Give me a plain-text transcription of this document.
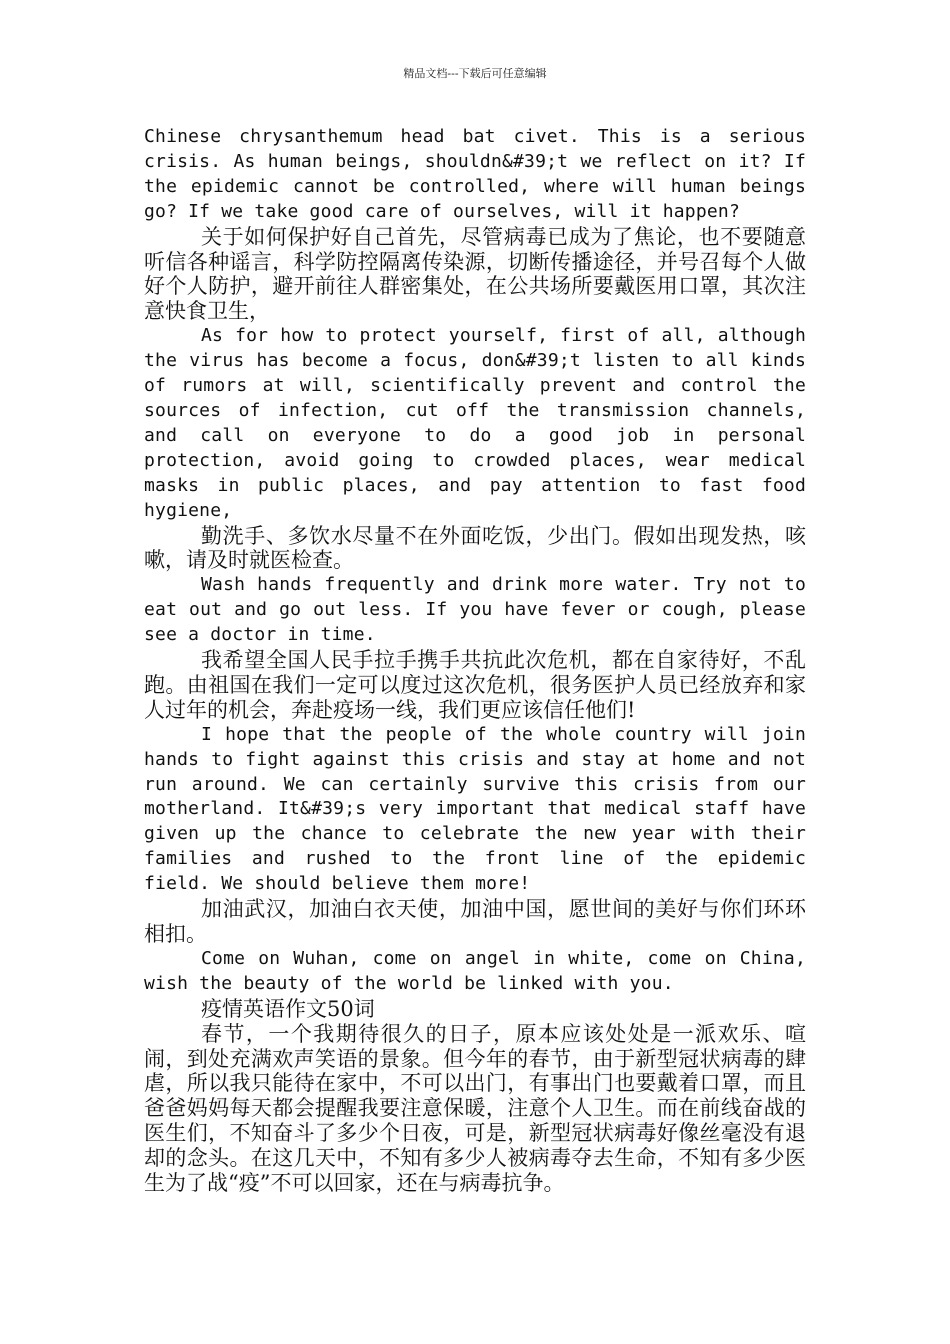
精品文档---下载后可任意编辑

Chinese chrysanthemum head bat civet. This is a serious crisis. As human beings, shouldn&#39;t we reflect on it? If the epidemic cannot be controlled, where will human beings go? If we take good care of ourselves, will it happen?

关于如何保护好自己首先，尽管病毒已成为了焦论，也不要随意听信各种谣言，科学防控隔离传染源，切断传播途径，并号召每个人做好个人防护，避开前往人群密集处，在公共场所要戴医用口罩，其次注意快食卫生，

As for how to protect yourself, first of all, although the virus has become a focus, don&#39;t listen to all kinds of rumors at will, scientifically prevent and control the sources of infection, cut off the transmission channels, and call on everyone to do a good job in personal protection, avoid going to crowded places, wear medical masks in public places, and pay attention to fast food hygiene,

勤洗手、多饮水尽量不在外面吃饭，少出门。假如出现发热，咳嗽，请及时就医检查。

Wash hands frequently and drink more water. Try not to eat out and go out less. If you have fever or cough, please see a doctor in time.

我希望全国人民手拉手携手共抗此次危机，都在自家待好，不乱跑。由祖国在我们一定可以度过这次危机，很务医护人员已经放弃和家人过年的机会，奔赴疫场一线，我们更应该信任他们!

I hope that the people of the whole country will join hands to fight against this crisis and stay at home and not run around. We can certainly survive this crisis from our motherland. It&#39;s very important that medical staff have given up the chance to celebrate the new year with their families and rushed to the front line of the epidemic field. We should believe them more!

加油武汉，加油白衣天使，加油中国，愿世间的美好与你们环环相扣。

Come on Wuhan, come on angel in white, come on China, wish the beauty of the world be linked with you.

疫情英语作文50词

春节，一个我期待很久的日子，原本应该处处是一派欢乐、喧闹，到处充满欢声笑语的景象。但今年的春节，由于新型冠状病毒的肆虐，所以我只能待在家中，不可以出门，有事出门也要戴着口罩，而且爸爸妈妈每天都会提醒我要注意保暖，注意个人卫生。而在前线奋战的医生们，不知奋斗了多少个日夜，可是，新型冠状病毒好像丝毫没有退却的念头。在这几天中，不知有多少人被病毒夺去生命，不知有多少医生为了战“疫”不可以回家，还在与病毒抗争。
